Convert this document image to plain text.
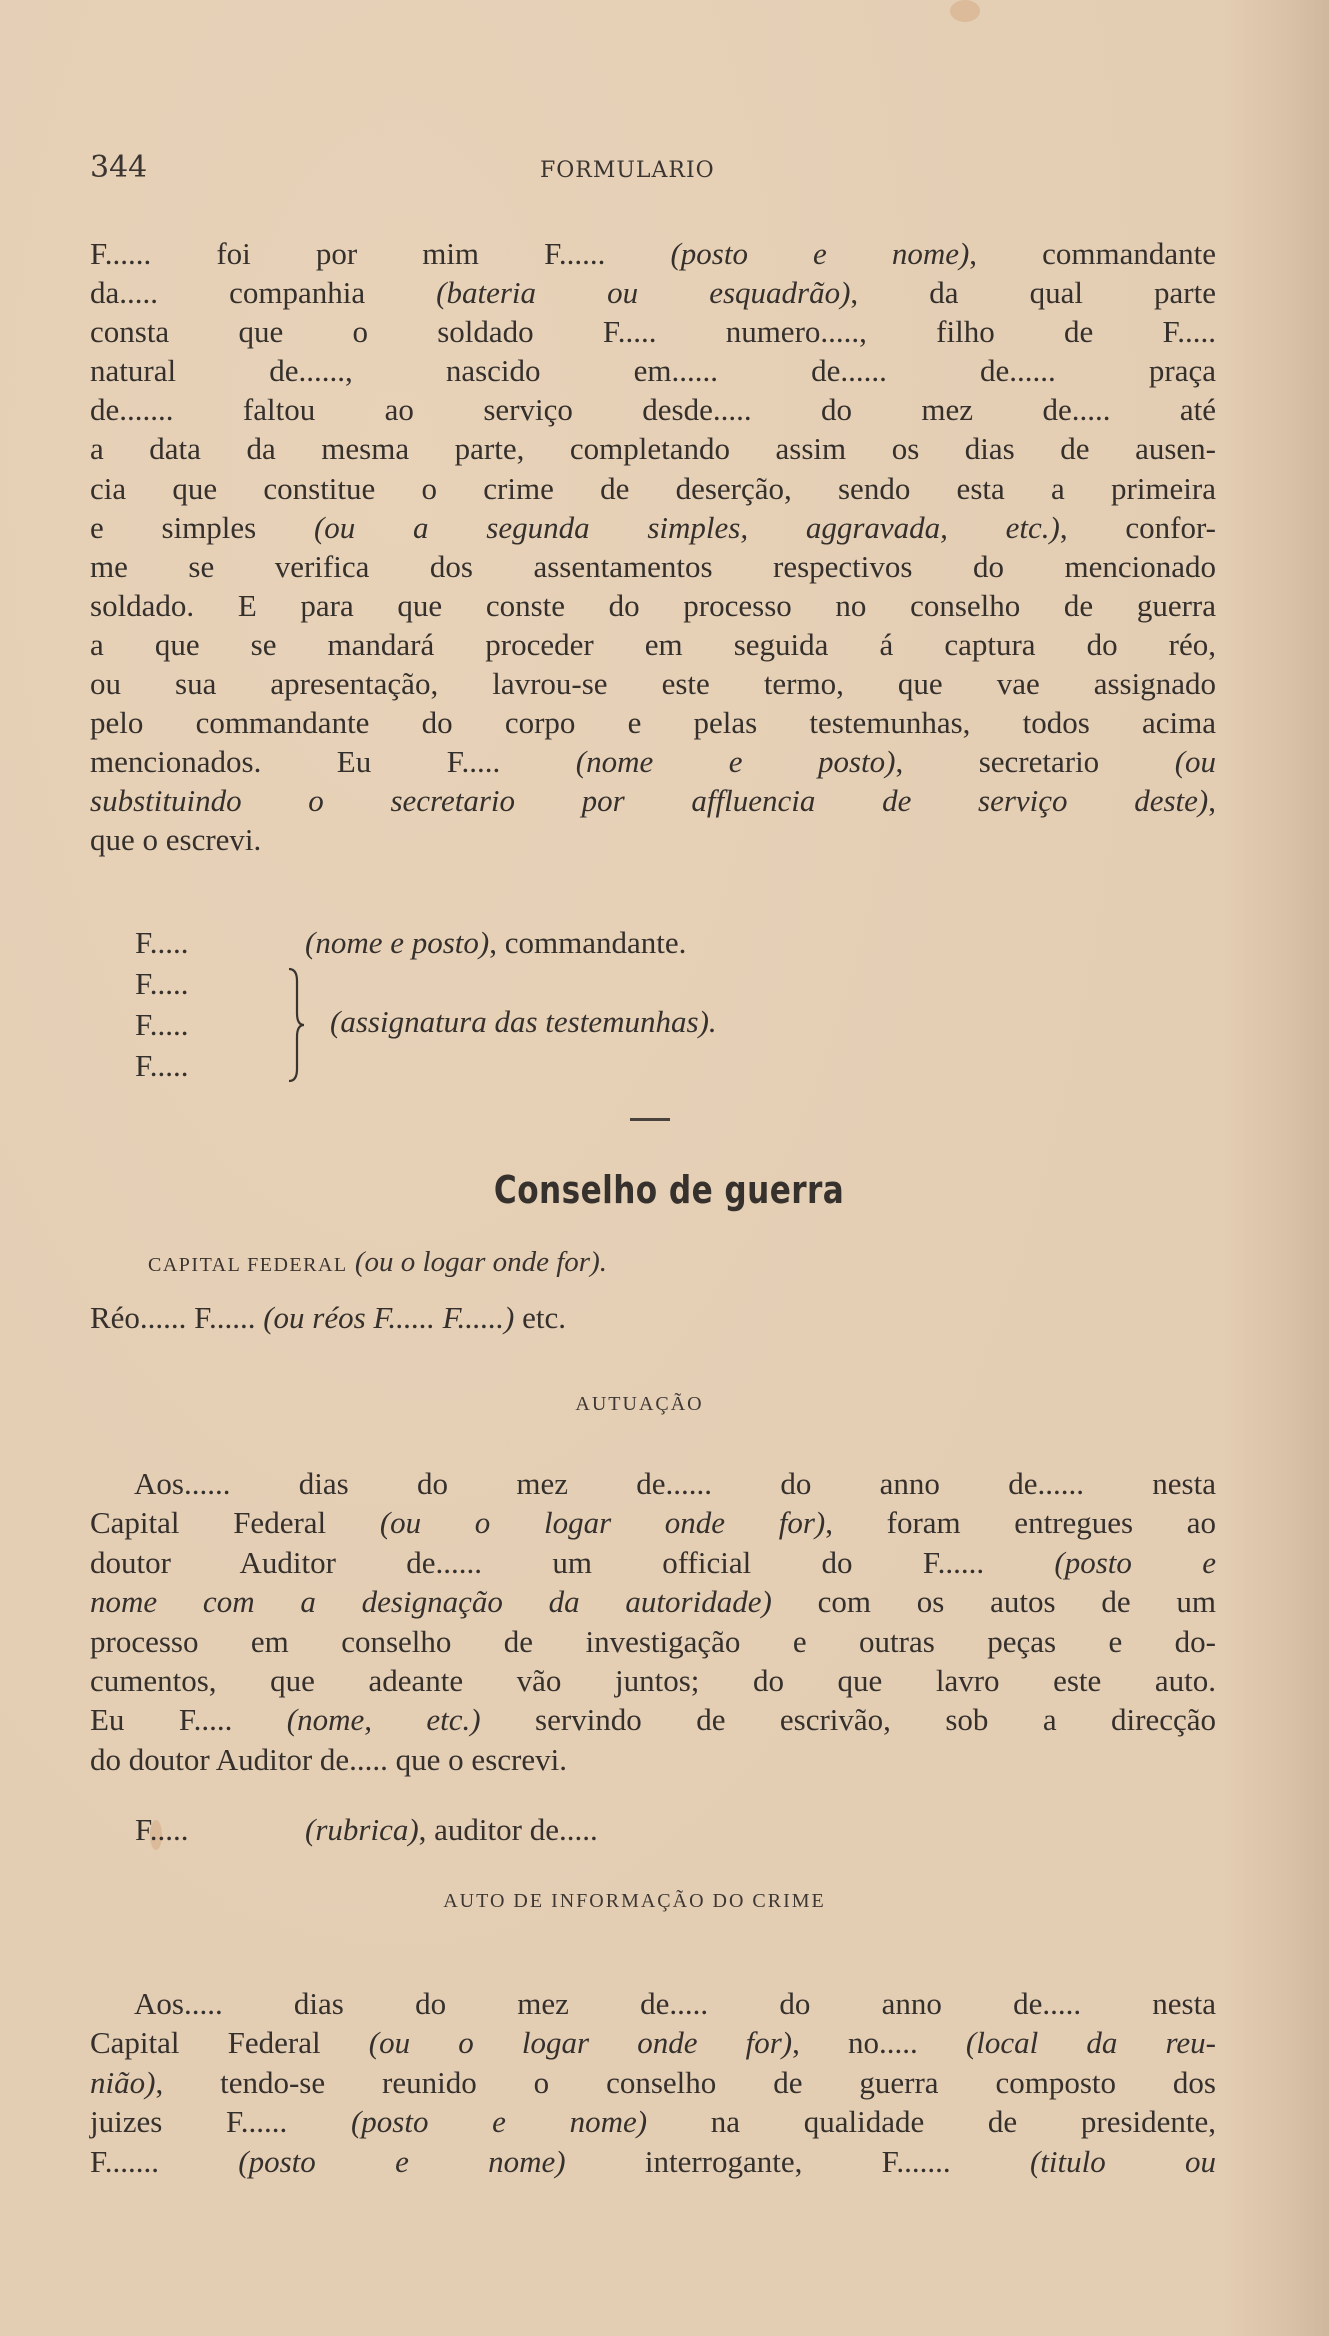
344	FORMULARIO
F...... foi por mim F...... (posto e nome), commandante
da..... companhia (bateria ou esquadrão), da qual parte
consta que o soldado F..... numero....., filho de F.....
natural de......, nascido em...... de...... de...... praça
de....... faltou ao serviço desde..... do mez de..... até
a data da mesma parte, completando assim os dias de ausen-
cia que constitue o crime de deserção, sendo esta a primeira
e simples (ou a segunda simples, aggravada, etc.), confor-
me se verifica dos assentamentos respectivos do mencionado
soldado. E para que conste do processo no conselho de guerra
a que se mandará proceder em seguida á captura do réo,
ou sua apresentação, lavrou-se este termo, que vae assignado
pelo commandante do corpo e pelas testemunhas, todos acima
mencionados. Eu F..... (nome e posto), secretario (ou
substituindo o secretario por affluencia de serviço deste),
que o escrevi.
F.....	(nome e posto), commandante.
F.....
F.....
F.....
(assignatura das testemunhas).
Conselho de guerra
CAPITAL FEDERAL (ou o logar onde for).
Réo...... F...... (ou réos F...... F......) etc.
AUTUAÇÃO
Aos...... dias do mez de...... do anno de...... nesta
Capital Federal (ou o logar onde for), foram entregues ao
doutor Auditor de...... um official do F...... (posto e
nome com a designação da autoridade) com os autos de um
processo em conselho de investigação e outras peças e do-
cumentos, que adeante vão juntos; do que lavro este auto.
Eu F..... (nome, etc.) servindo de escrivão, sob a direcção
do doutor Auditor de..... que o escrevi.
F.....	(rubrica), auditor de.....
AUTO DE INFORMAÇÃO DO CRIME
Aos..... dias do mez de..... do anno de..... nesta
Capital Federal (ou o logar onde for), no..... (local da reu-
nião), tendo-se reunido o conselho de guerra composto dos
juizes F...... (posto e nome) na qualidade de presidente,
F....... (posto e nome) interrogante, F....... (titulo ou
